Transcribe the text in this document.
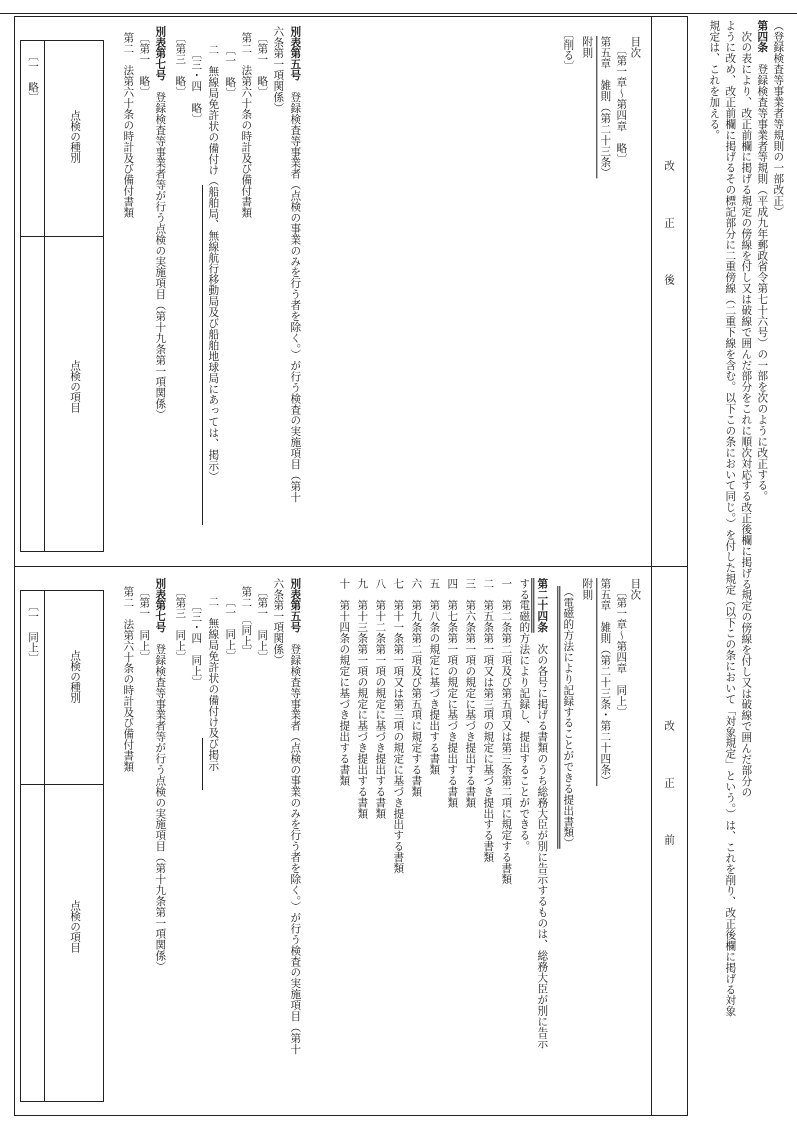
（登録検査等事業者等規則の一部改正）
第四条　登録検査等事業者等規則（平成九年郵政省令第七十六号）の一部を次のように改正する。
　次の表により、改正前欄に掲げる規定の傍線を付し又は破線で囲んだ部分をこれに順次対応する改正後欄に掲げる規定の傍線を付し又は破線で囲んだ部分の
ように改め、改正前欄に掲げるその標記部分に二重傍線（二重下線を含む。以下この条において同じ。）を付した規定（以下この条において「対象規定」という。）は、これを削り、改正後欄に掲げる対象
規定は、これを加える。
改　正　後
改　正　前
目次
〔第一章～第四章　略〕
第五章　雑則（第二十三条）
附則
〔削る〕
別表第五号　登録検査等事業者（点検の事業のみを行う者を除く。）が行う検査の実施項目（第十
六条第一項関係）
〔第一　略〕
第二　法第六十条の時計及び備付書類
〔一　略〕
二　無線局免許状の備付け（船舶局、無線航行移動局及び船舶地球局にあっては、掲示）
〔三・四　略〕
〔第三　略〕
別表第七号　登録検査等事業者等が行う点検の実施項目（第十九条第一項関係）
〔第一　略〕
第二　法第六十条の時計及び備付書類
点検の種別
点検の項目
〔一　略〕
目次
〔第一章～第四章　同上〕
第五章　雑則（第二十三条・第二十四条）
附則
（電磁的方法により記録することができる提出書類）
第二十四条　次の各号に掲げる書類のうち総務大臣が別に告示するものは、総務大臣が別に告示
する電磁的方法により記録し、提出することができる。
一　第二条第二項及び第五項又は第三条第二項に規定する書類
二　第五条第一項又は第三項の規定に基づき提出する書類
三　第六条第一項の規定に基づき提出する書類
四　第七条第一項の規定に基づき提出する書類
五　第八条の規定に基づき提出する書類
六　第九条第二項及び第五項に規定する書類
七　第十一条第一項又は第三項の規定に基づき提出する書類
八　第十二条第一項の規定に基づき提出する書類
九　第十三条第一項の規定に基づき提出する書類
十　第十四条の規定に基づき提出する書類
別表第五号　登録検査等事業者（点検の事業のみを行う者を除く。）が行う検査の実施項目（第十
六条第一項関係）
〔第一　同上〕
第二　〔同上〕
〔一　同上〕
二　無線局免許状の備付け及び掲示
〔三・四　同上〕
〔第三　同上〕
別表第七号　登録検査等事業者等が行う点検の実施項目（第十九条第一項関係）
〔第一　同上〕
第二　法第六十条の時計及び備付書類
点検の種別
点検の項目
〔一　同上〕
